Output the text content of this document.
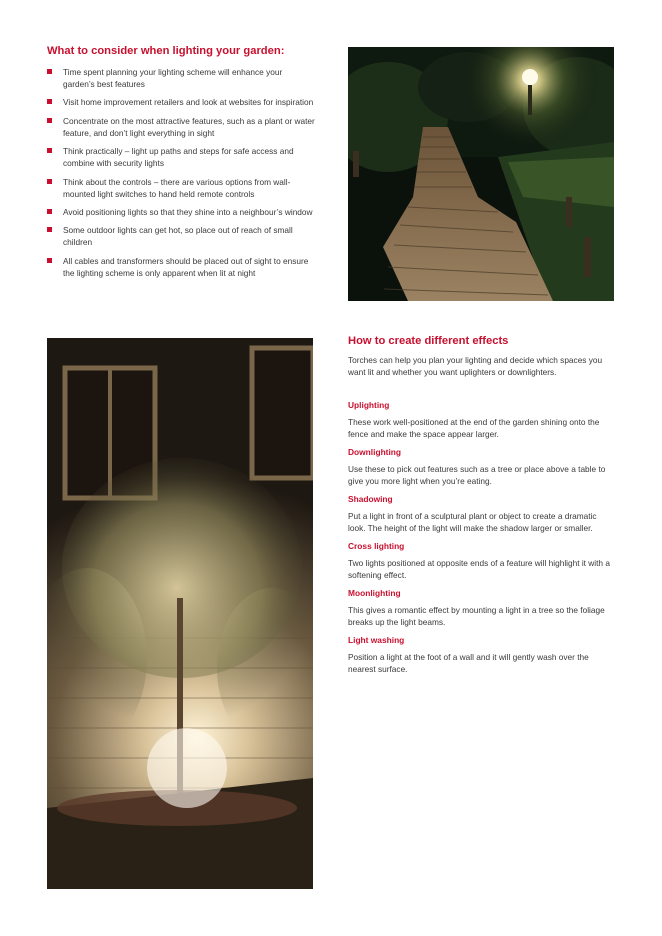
What to consider when lighting your garden:
Time spent planning your lighting scheme will enhance your garden’s best features
Visit home improvement retailers and look at websites for inspiration
Concentrate on the most attractive features, such as a plant or water feature, and don’t light everything in sight
Think practically – light up paths and steps for safe access and combine with security lights
Think about the controls – there are various options from wall-mounted light switches to hand held remote controls
Avoid positioning lights so that they shine into a neighbour’s window
Some outdoor lights can get hot, so place out of reach of small children
All cables and transformers should be placed out of sight to ensure the lighting scheme is only apparent when lit at night
How to create different effects

Torches can help you plan your lighting and decide which spaces you want lit and whether you want uplighters or downlighters.

Uplighting

These work well-positioned at the end of the garden shining onto the fence and make the space appear larger.

Downlighting

Use these to pick out features such as a tree or place above a table to give you more light when you’re eating.

Shadowing

Put a light in front of a sculptural plant or object to create a dramatic look. The height of the light will make the shadow larger or smaller.

Cross lighting

Two lights positioned at opposite ends of a feature will highlight it with a softening effect.

Moonlighting

This gives a romantic effect by mounting a light in a tree so the foliage breaks up the light beams.

Light washing

Position a light at the foot of a wall and it will gently wash over the nearest surface.
